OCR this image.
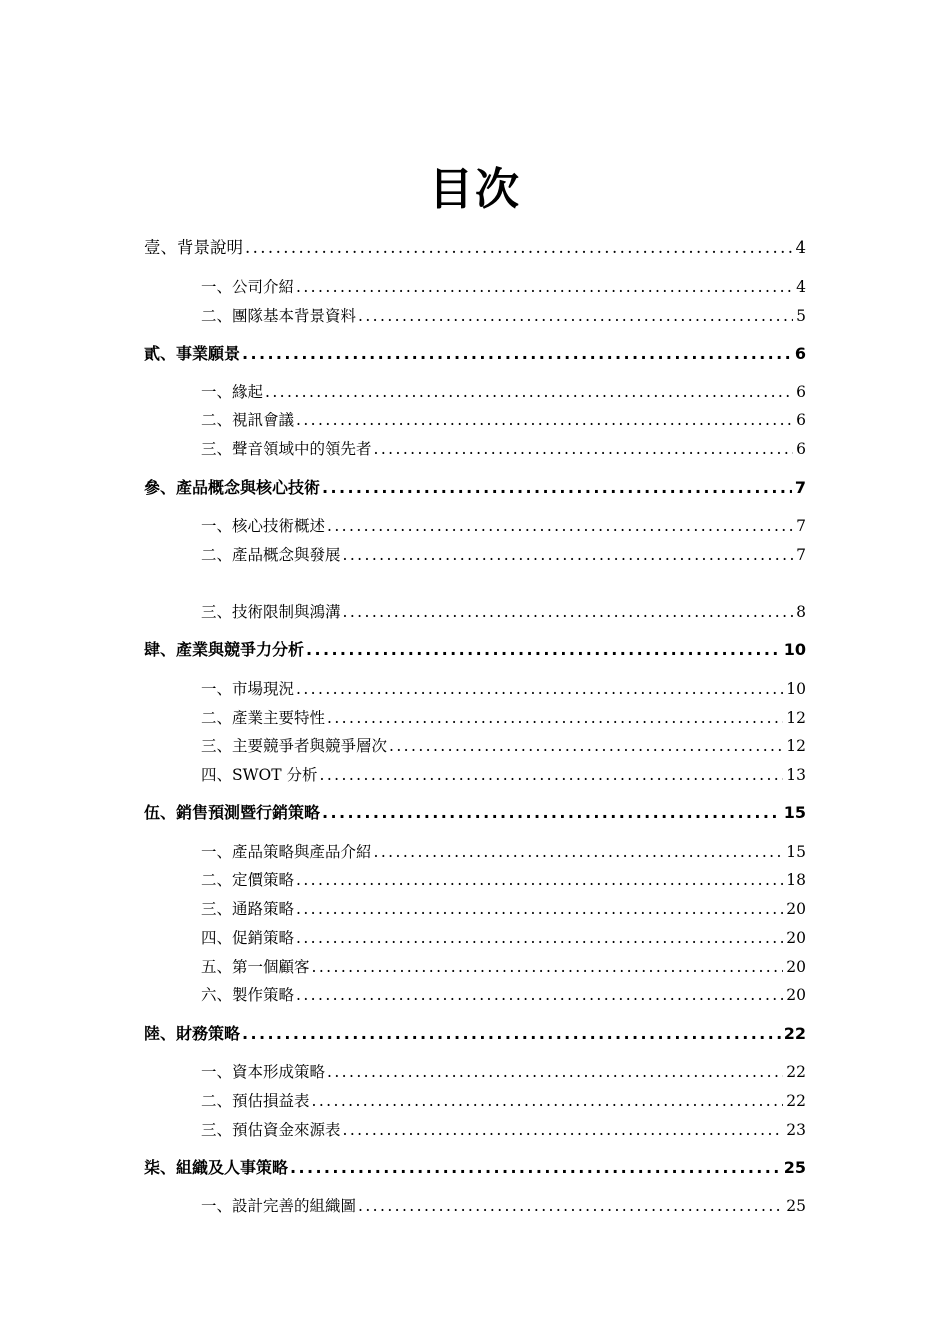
目次
壹、背景說明 .....	4
一、公司介紹 .....	4
二、團隊基本背景資料 .....	5
貳、事業願景 .....	6
一、緣起 .....	6
二、視訊會議 .....	6
三、聲音領域中的領先者 .....	6
參、產品概念與核心技術 .....	7
一、核心技術概述 .....	7
二、產品概念與發展 .....	7
三、技術限制與鴻溝 .....	8
肆、產業與競爭力分析 .....	10
一、市場現況 .....	10
二、產業主要特性 .....	12
三、主要競爭者與競爭層次 .....	12
四、SWOT 分析 .....	13
伍、銷售預測暨行銷策略 .....	15
一、產品策略與產品介紹 .....	15
二、定價策略 .....	18
三、通路策略 .....	20
四、促銷策略 .....	20
五、第一個顧客 .....	20
六、製作策略 .....	20
陸、財務策略 .....	22
一、資本形成策略 .....	22
二、預估損益表 .....	22
三、預估資金來源表 .....	23
柒、組織及人事策略 .....	25
一、設計完善的組織圖 .....	25
